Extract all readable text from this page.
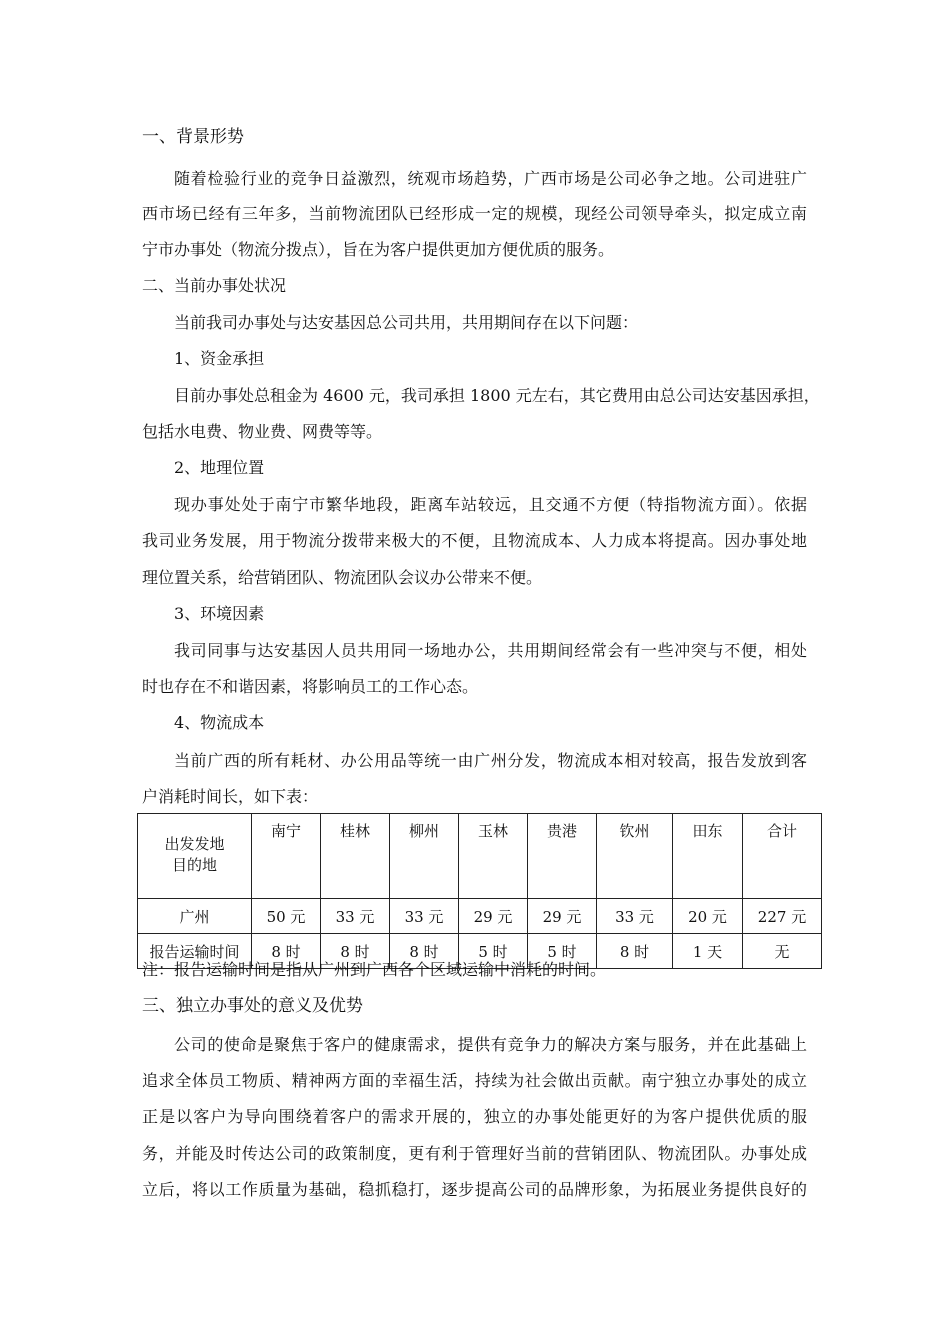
一、背景形势
随着检验行业的竞争日益激烈，统观市场趋势，广西市场是公司必争之地。公司进驻广
西市场已经有三年多，当前物流团队已经形成一定的规模，现经公司领导牵头，拟定成立南
宁市办事处（物流分拨点），旨在为客户提供更加方便优质的服务。
二、当前办事处状况
当前我司办事处与达安基因总公司共用，共用期间存在以下问题：
1、资金承担
目前办事处总租金为 4600 元，我司承担 1800 元左右，其它费用由总公司达安基因承担，
包括水电费、物业费、网费等等。
2、地理位置
现办事处处于南宁市繁华地段，距离车站较远，且交通不方便（特指物流方面）。依据
我司业务发展，用于物流分拨带来极大的不便，且物流成本、人力成本将提高。因办事处地
理位置关系，给营销团队、物流团队会议办公带来不便。
3、环境因素
我司同事与达安基因人员共用同一场地办公，共用期间经常会有一些冲突与不便，相处
时也存在不和谐因素，将影响员工的工作心态。
4、物流成本
当前广西的所有耗材、办公用品等统一由广州分发，物流成本相对较高，报告发放到客
户消耗时间长，如下表：
出发发地
目的地	南宁	桂林	柳州	玉林	贵港	钦州	田东	合计
广州	50 元	33 元	33 元	29 元	29 元	33 元	20 元	227 元
报告运输时间	8 时	8 时	8 时	5 时	5 时	8 时	1 天	无
注：报告运输时间是指从广州到广西各个区域运输中消耗的时间。
三、独立办事处的意义及优势
公司的使命是聚焦于客户的健康需求，提供有竞争力的解决方案与服务，并在此基础上
追求全体员工物质、精神两方面的幸福生活，持续为社会做出贡献。南宁独立办事处的成立
正是以客户为导向围绕着客户的需求开展的，独立的办事处能更好的为客户提供优质的服
务，并能及时传达公司的政策制度，更有利于管理好当前的营销团队、物流团队。办事处成
立后，将以工作质量为基础，稳抓稳打，逐步提高公司的品牌形象，为拓展业务提供良好的
